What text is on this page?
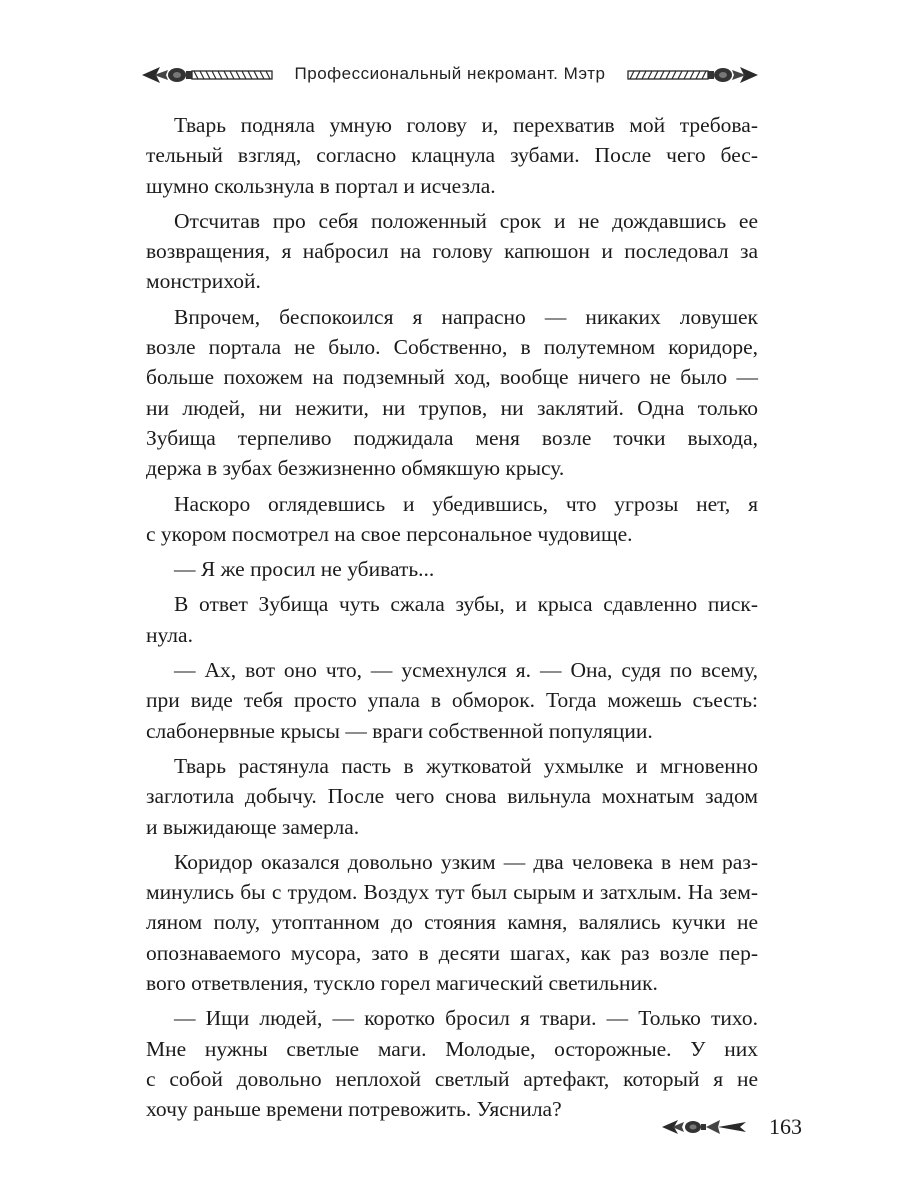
Профессиональный некромант. Мэтр

Тварь подняла умную голову и, перехватив мой требова-
тельный взгляд, согласно клацнула зубами. После чего бес-
шумно скользнула в портал и исчезла.

Отсчитав про себя положенный срок и не дождавшись ее
возвращения, я набросил на голову капюшон и последовал за
монстрихой.

Впрочем, беспокоился я напрасно — никаких ловушек
возле портала не было. Собственно, в полутемном коридоре,
больше похожем на подземный ход, вообще ничего не было —
ни людей, ни нежити, ни трупов, ни заклятий. Одна только
Зубища терпеливо поджидала меня возле точки выхода,
держа в зубах безжизненно обмякшую крысу.

Наскоро оглядевшись и убедившись, что угрозы нет, я
с укором посмотрел на свое персональное чудовище.

— Я же просил не убивать...

В ответ Зубища чуть сжала зубы, и крыса сдавленно писк-
нула.

— Ах, вот оно что, — усмехнулся я. — Она, судя по всему,
при виде тебя просто упала в обморок. Тогда можешь съесть:
слабонервные крысы — враги собственной популяции.

Тварь растянула пасть в жутковатой ухмылке и мгновенно
заглотила добычу. После чего снова вильнула мохнатым задом
и выжидающе замерла.

Коридор оказался довольно узким — два человека в нем раз-
минулись бы с трудом. Воздух тут был сырым и затхлым. На зем-
ляном полу, утоптанном до стояния камня, валялись кучки не
опознаваемого мусора, зато в десяти шагах, как раз возле пер-
вого ответвления, тускло горел магический светильник.

— Ищи людей, — коротко бросил я твари. — Только тихо.
Мне нужны светлые маги. Молодые, осторожные. У них
с собой довольно неплохой светлый артефакт, который я не
хочу раньше времени потревожить. Уяснила?

163
